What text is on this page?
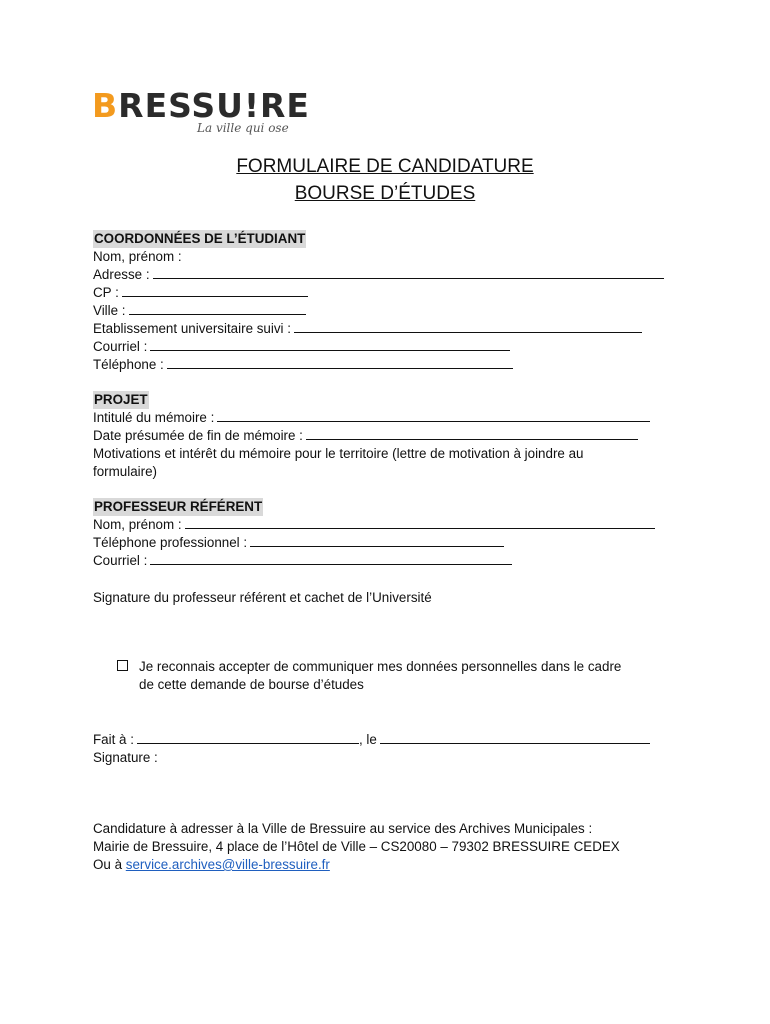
BRESSU!RE
La ville qui ose
FORMULAIRE DE CANDIDATURE
BOURSE D’ÉTUDES
COORDONNÉES DE L’ÉTUDIANT
Nom, prénom :
Adresse :
CP :
Ville :
Etablissement universitaire suivi :
Courriel :
Téléphone :
PROJET
Intitulé du mémoire :
Date présumée de fin de mémoire :
Motivations et intérêt du mémoire pour le territoire (lettre de motivation à joindre au
formulaire)
PROFESSEUR RÉFÉRENT
Nom, prénom :
Téléphone professionnel :
Courriel :
Signature du professeur référent et cachet de l’Université
Je reconnais accepter de communiquer mes données personnelles dans le cadre
de cette demande de bourse d’études
Fait à :	, le
Signature :
Candidature à adresser à la Ville de Bressuire au service des Archives Municipales :
Mairie de Bressuire, 4 place de l’Hôtel de Ville – CS20080 – 79302 BRESSUIRE CEDEX
Ou à service.archives@ville-bressuire.fr
